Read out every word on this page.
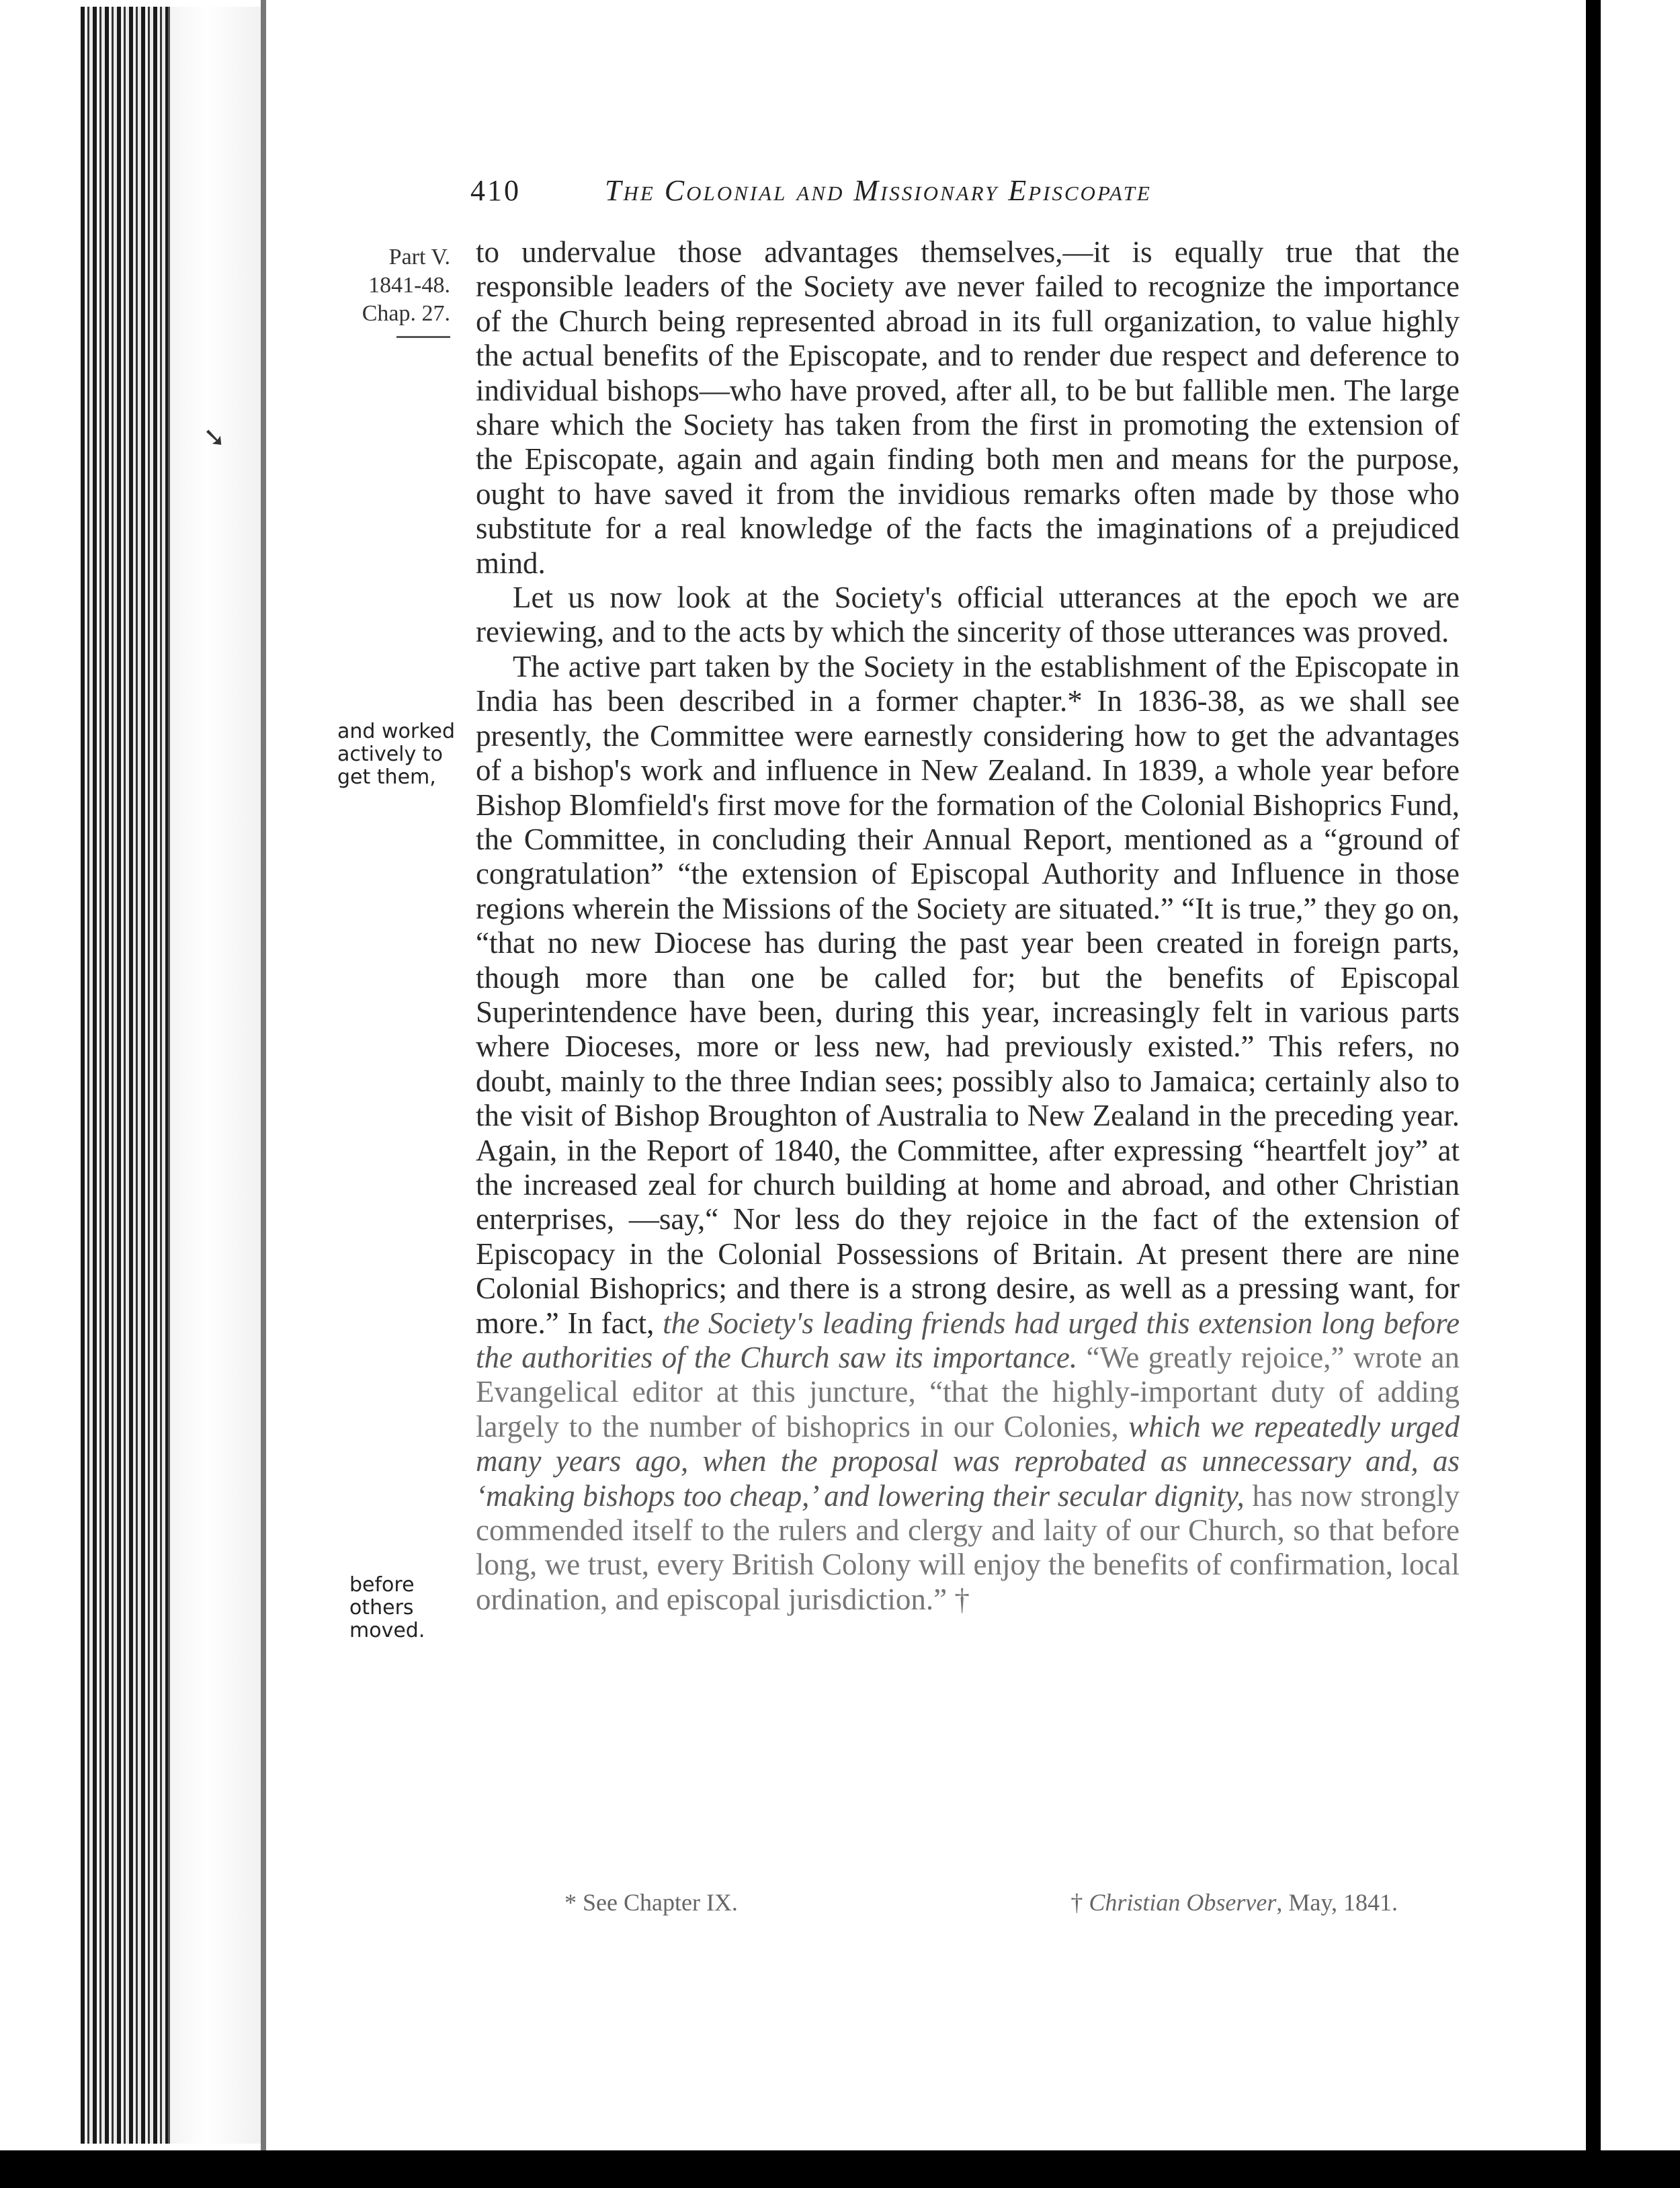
➘
410	The Colonial and Missionary Episcopate
Part V.
1841-48.
Chap. 27.
and worked actively to get them,
before others moved.

to undervalue those advantages themselves,—it is equally true that the responsible leaders of the Society ave never failed to recognize the importance of the Church being represented abroad in its full organization, to value highly the actual benefits of the Episcopate, and to render due respect and deference to individual bishops—who have proved, after all, to be but fallible men. The large share which the Society has taken from the first in promoting the extension of the Episcopate, again and again finding both men and means for the purpose, ought to have saved it from the invidious remarks often made by those who substitute for a real knowledge of the facts the imaginations of a prejudiced mind.

Let us now look at the Society's official utterances at the epoch we are reviewing, and to the acts by which the sincerity of those utterances was proved.

The active part taken by the Society in the establishment of the Episcopate in India has been described in a former chapter.* In 1836-38, as we shall see presently, the Committee were earnestly considering how to get the advantages of a bishop's work and influence in New Zealand. In 1839, a whole year before Bishop Blomfield's first move for the formation of the Colonial Bishoprics Fund, the Committee, in concluding their Annual Report, mentioned as a “ground of congratulation” “the extension of Episcopal Authority and Influence in those regions wherein the Missions of the Society are situated.” “It is true,” they go on, “that no new Diocese has during the past year been created in foreign parts, though more than one be called for; but the benefits of Episcopal Superintendence have been, during this year, increasingly felt in various parts where Dioceses, more or less new, had previously existed.” This refers, no doubt, mainly to the three Indian sees; possibly also to Jamaica; certainly also to the visit of Bishop Broughton of Australia to New Zealand in the preceding year. Again, in the Report of 1840, the Committee, after expressing “heartfelt joy” at the increased zeal for church building at home and abroad, and other Christian enterprises, —say,“ Nor less do they rejoice in the fact of the extension of Episcopacy in the Colonial Possessions of Britain. At present there are nine Colonial Bishoprics; and there is a strong desire, as well as a pressing want, for more.” In fact, the Society's leading friends had urged this extension long before the authorities of the Church saw its importance. “We greatly rejoice,” wrote an Evangelical editor at this juncture, “that the highly-important duty of adding largely to the number of bishoprics in our Colonies, which we repeatedly urged many years ago, when the proposal was reprobated as unnecessary and, as ‘making bishops too cheap,’ and lowering their secular dignity, has now strongly commended itself to the rulers and clergy and laity of our Church, so that before long, we trust, every British Colony will enjoy the benefits of confirmation, local ordination, and episcopal jurisdiction.” †

* See Chapter IX.	† Christian Observer, May, 1841.
